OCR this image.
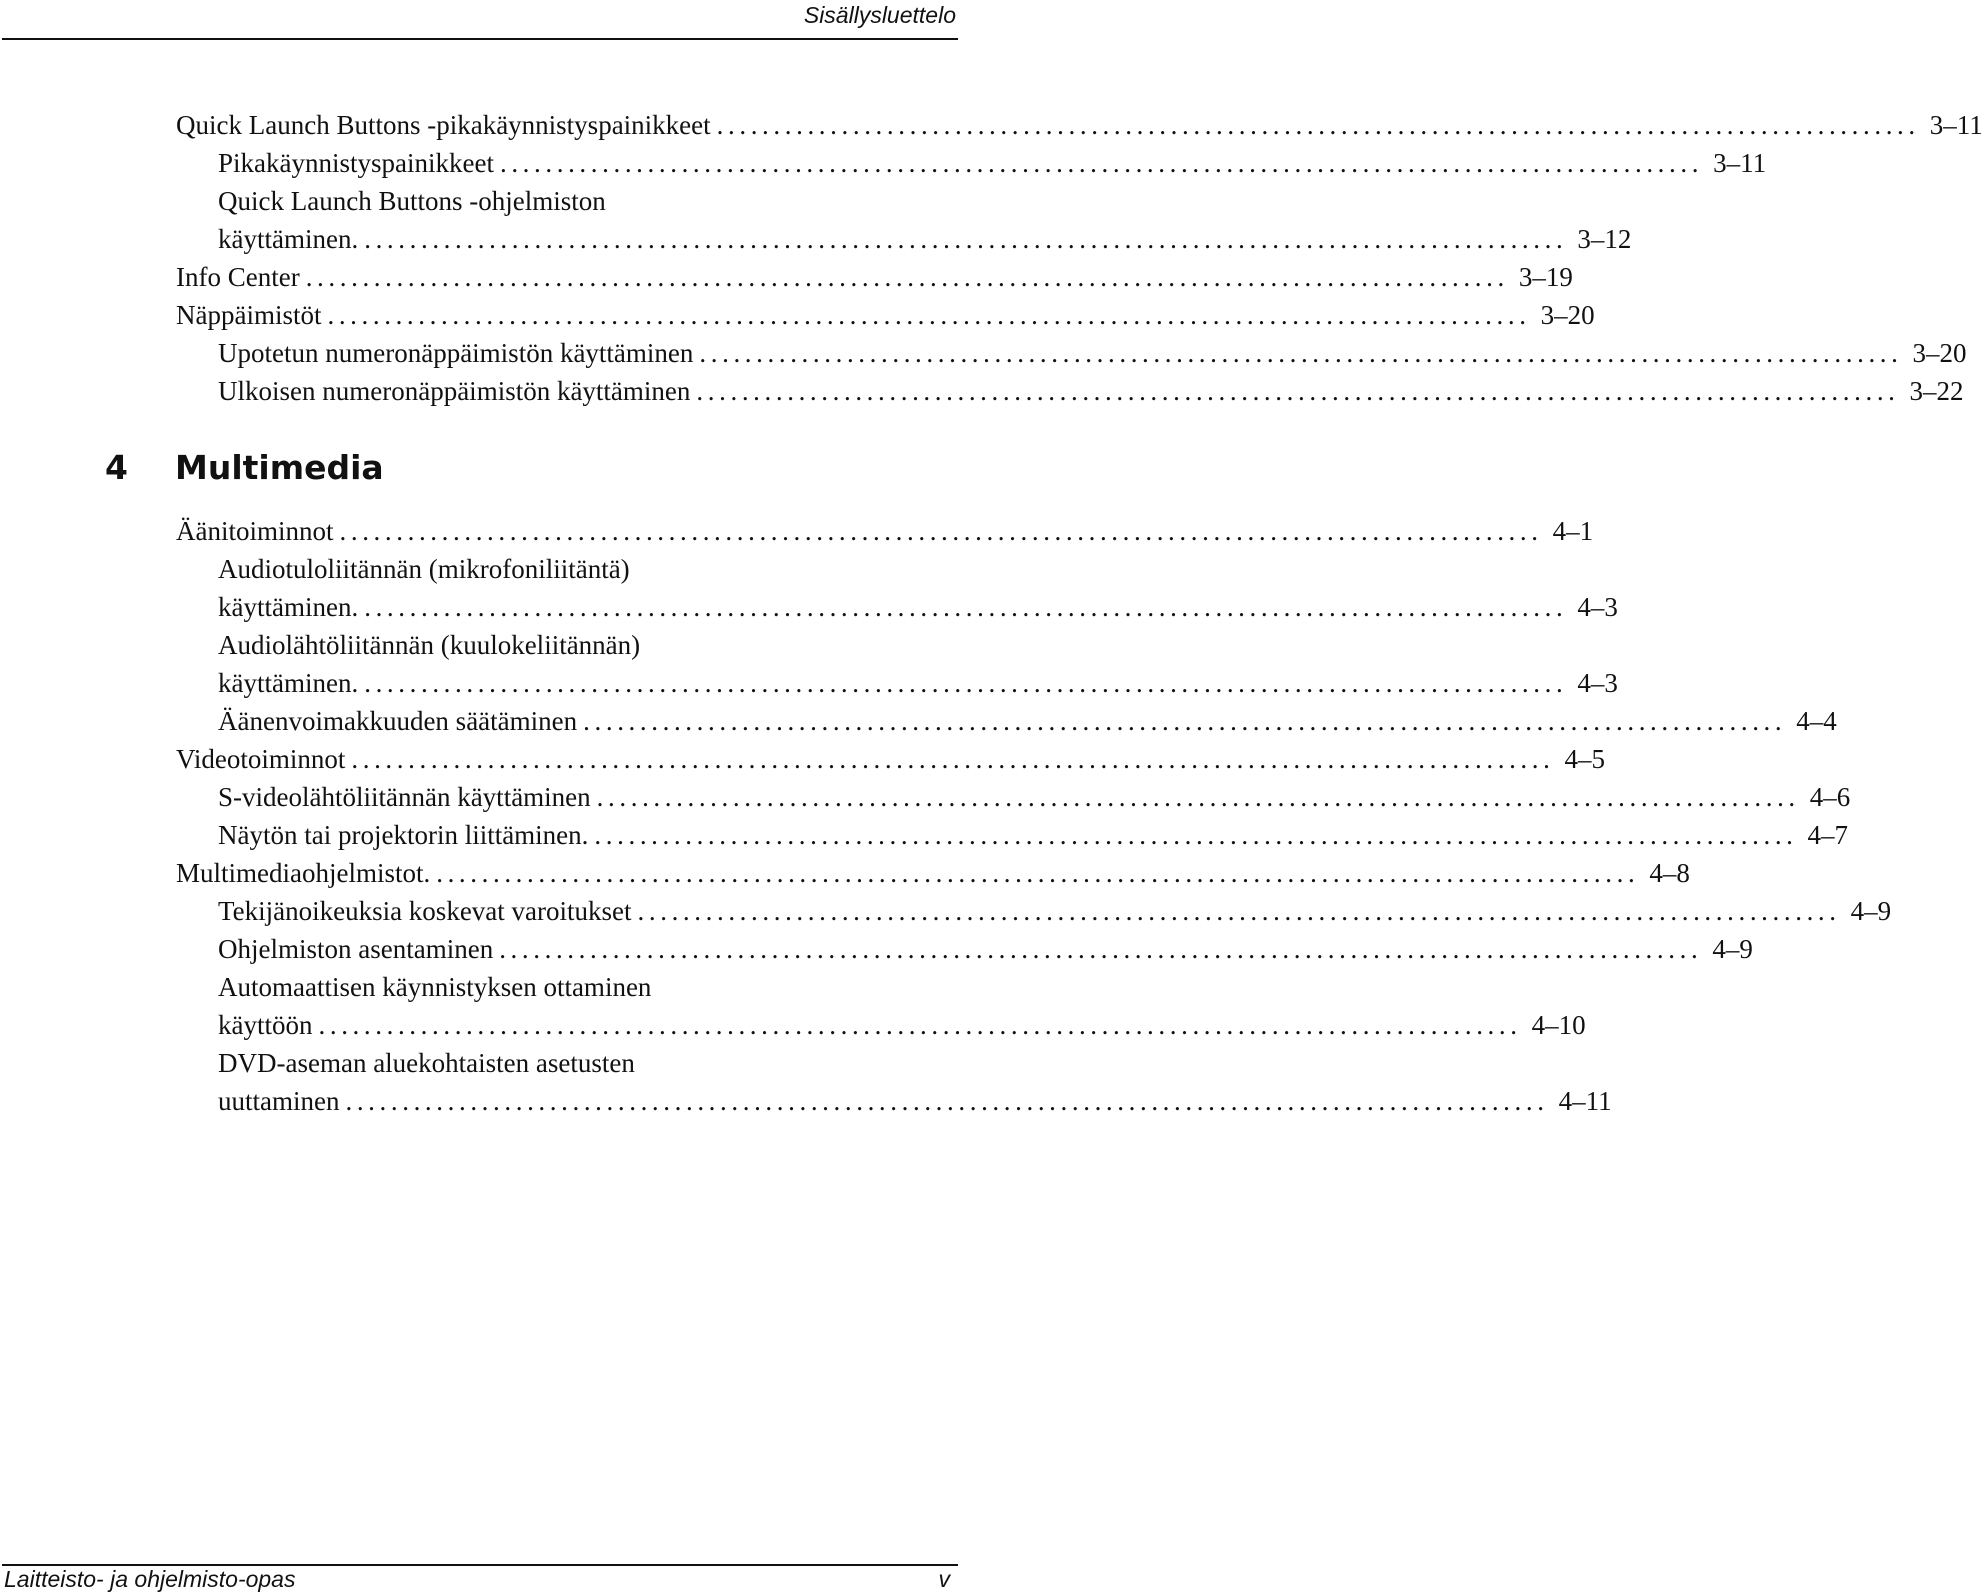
Sisällysluettelo
Quick Launch Buttons -pikakäynnistyspainikkeet .......................................................................................................... 3–11
Pikakäynnistyspainikkeet .......................................................................................................... 3–11
Quick Launch Buttons -ohjelmiston
käyttäminen. .......................................................................................................... 3–12
Info Center .......................................................................................................... 3–19
Näppäimistöt .......................................................................................................... 3–20
Upotetun numeronäppäimistön käyttäminen .......................................................................................................... 3–20
Ulkoisen numeronäppäimistön käyttäminen .......................................................................................................... 3–22
4 Multimedia
Äänitoiminnot .......................................................................................................... 4–1
Audiotuloliitännän (mikrofoniliitäntä)
käyttäminen. .......................................................................................................... 4–3
Audiolähtöliitännän (kuulokeliitännän)
käyttäminen. .......................................................................................................... 4–3
Äänenvoimakkuuden säätäminen .......................................................................................................... 4–4
Videotoiminnot .......................................................................................................... 4–5
S-videolähtöliitännän käyttäminen .......................................................................................................... 4–6
Näytön tai projektorin liittäminen. .......................................................................................................... 4–7
Multimediaohjelmistot. .......................................................................................................... 4–8
Tekijänoikeuksia koskevat varoitukset .......................................................................................................... 4–9
Ohjelmiston asentaminen .......................................................................................................... 4–9
Automaattisen käynnistyksen ottaminen
käyttöön .......................................................................................................... 4–10
DVD-aseman aluekohtaisten asetusten
uuttaminen .......................................................................................................... 4–11
Laitteisto- ja ohjelmisto-opas	v
